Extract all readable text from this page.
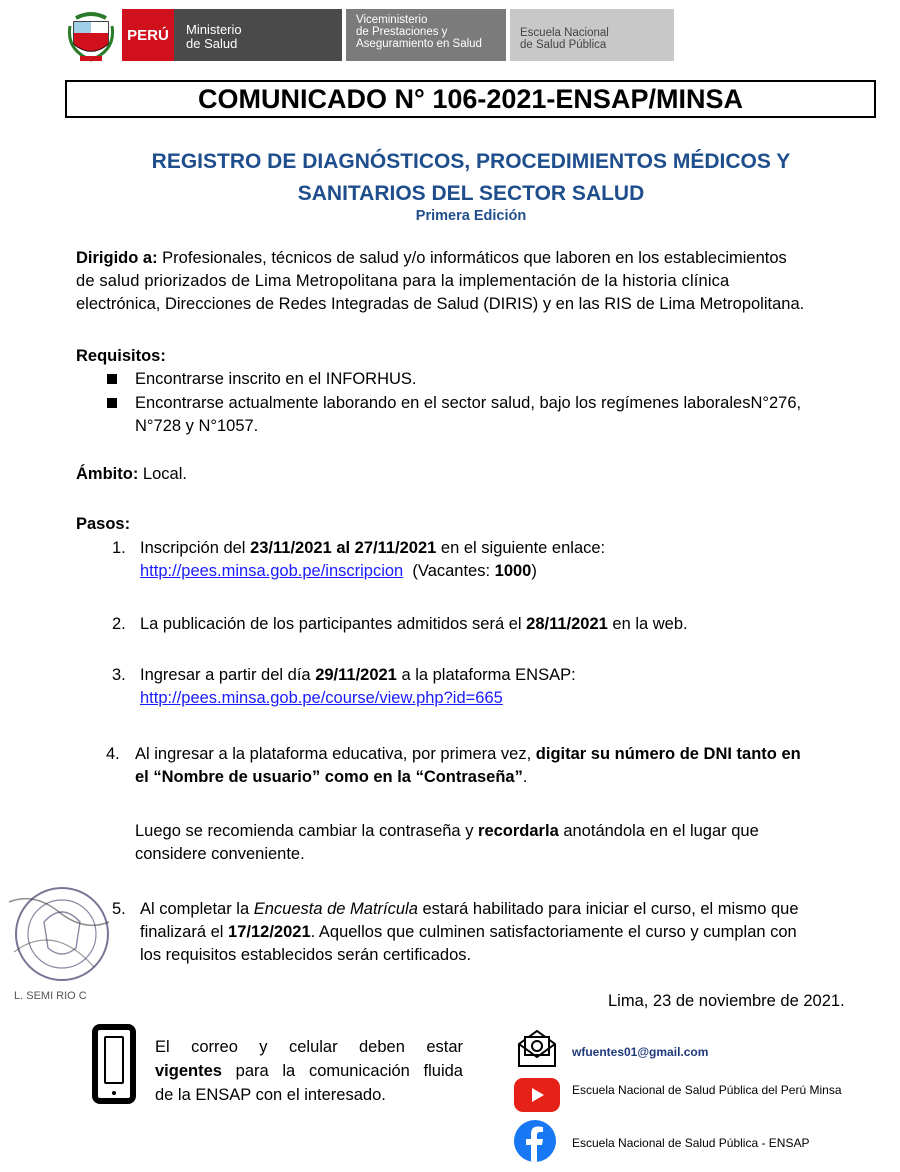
PERÚ	Ministerio
de Salud
Viceministerio
de Prestaciones y
Aseguramiento en Salud
Escuela Nacional
de Salud Pública
COMUNICADO N° 106-2021-ENSAP/MINSA
REGISTRO DE DIAGNÓSTICOS, PROCEDIMIENTOS MÉDICOS Y
SANITARIOS DEL SECTOR SALUD
Primera Edición
Dirigido a: Profesionales, técnicos de salud y/o informáticos que laboren en los establecimientos
de salud priorizados de Lima Metropolitana para la implementación de la historia clínica
electrónica, Direcciones de Redes Integradas de Salud (DIRIS) y en las RIS de Lima Metropolitana.
Requisitos:
Encontrarse inscrito en el INFORHUS.
Encontrarse actualmente laborando en el sector salud, bajo los regímenes laboralesN°276,
N°728 y N°1057.
Ámbito: Local.
Pasos:
1. Inscripción del 23/11/2021 al 27/11/2021 en el siguiente enlace:
http://pees.minsa.gob.pe/inscripcion  (Vacantes: 1000)
2. La publicación de los participantes admitidos será el 28/11/2021 en la web.
3. Ingresar a partir del día 29/11/2021 a la plataforma ENSAP:
http://pees.minsa.gob.pe/course/view.php?id=665
4. Al ingresar a la plataforma educativa, por primera vez, digitar su número de DNI tanto en
el “Nombre de usuario” como en la “Contraseña”.
Luego se recomienda cambiar la contraseña y recordarla anotándola en el lugar que
considere conveniente.
5. Al completar la Encuesta de Matrícula estará habilitado para iniciar el curso, el mismo que
finalizará el 17/12/2021. Aquellos que culminen satisfactoriamente el curso y cumplan con
los requisitos establecidos serán certificados.
L. SEMI RIO C	Lima, 23 de noviembre de 2021.
El correo y celular deben estar
vigentes para la comunicación fluida
de la ENSAP con el interesado.
wfuentes01@gmail.com
Escuela Nacional de Salud Pública del Perú Minsa
Escuela Nacional de Salud Pública - ENSAP
